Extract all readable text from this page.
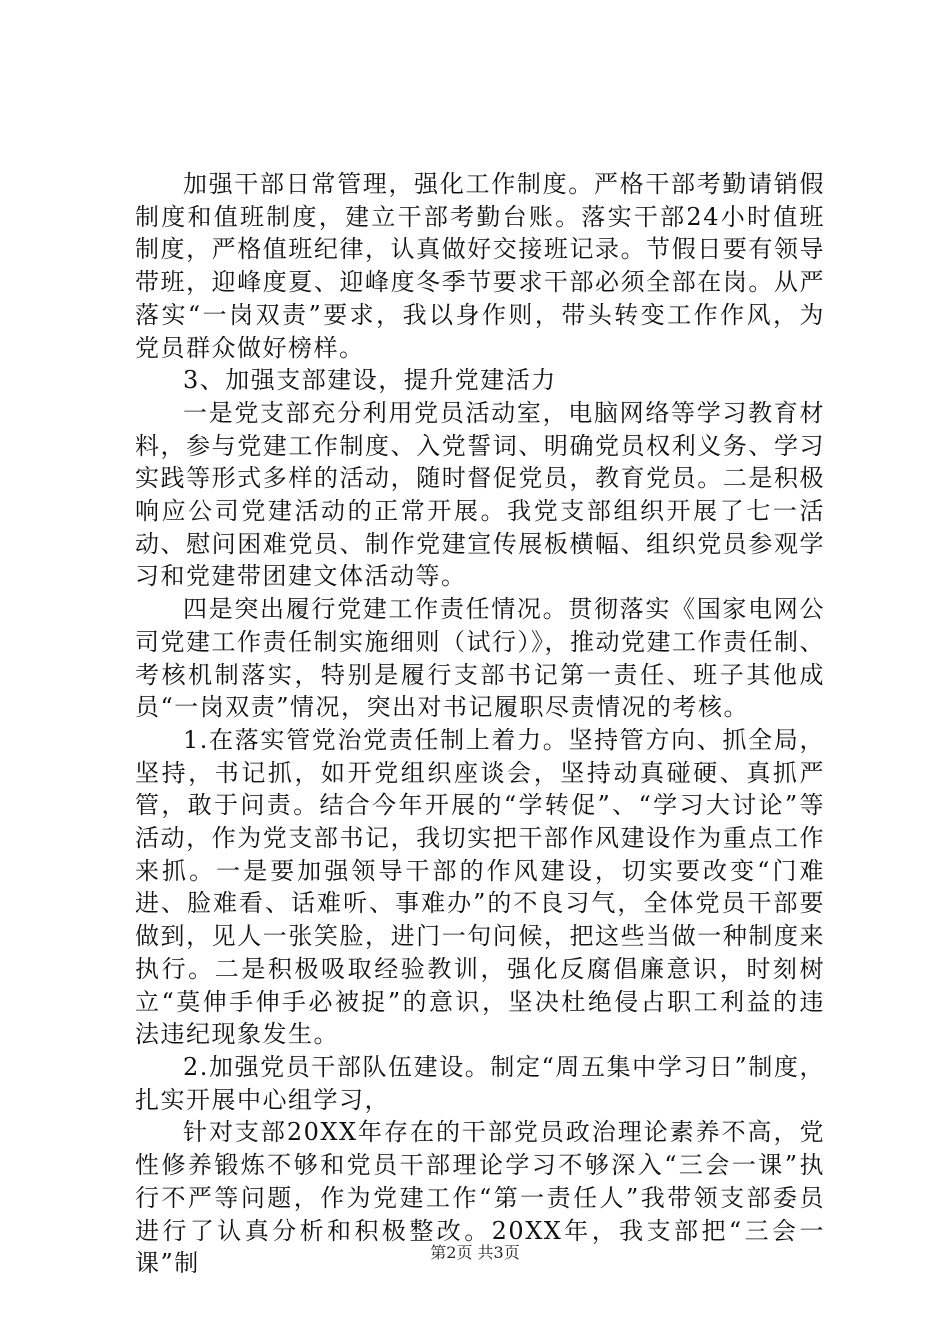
加强干部日常管理，强化工作制度。严格干部考勤请销假制度和值班制度，建立干部考勤台账。落实干部24小时值班制度，严格值班纪律，认真做好交接班记录。节假日要有领导带班，迎峰度夏、迎峰度冬季节要求干部必须全部在岗。从严落实“一岗双责”要求，我以身作则，带头转变工作作风，为党员群众做好榜样。

3、加强支部建设，提升党建活力

一是党支部充分利用党员活动室，电脑网络等学习教育材料，参与党建工作制度、入党誓词、明确党员权利义务、学习实践等形式多样的活动，随时督促党员，教育党员。二是积极响应公司党建活动的正常开展。我党支部组织开展了七一活动、慰问困难党员、制作党建宣传展板横幅、组织党员参观学习和党建带团建文体活动等。

四是突出履行党建工作责任情况。贯彻落实《国家电网公司党建工作责任制实施细则（试行）》，推动党建工作责任制、考核机制落实，特别是履行支部书记第一责任、班子其他成员“一岗双责”情况，突出对书记履职尽责情况的考核。

1.在落实管党治党责任制上着力。坚持管方向、抓全局，坚持，书记抓，如开党组织座谈会，坚持动真碰硬、真抓严管，敢于问责。结合今年开展的“学转促”、“学习大讨论”等活动，作为党支部书记，我切实把干部作风建设作为重点工作来抓。一是要加强领导干部的作风建设，切实要改变“门难进、脸难看、话难听、事难办”的不良习气，全体党员干部要做到，见人一张笑脸，进门一句问候，把这些当做一种制度来执行。二是积极吸取经验教训，强化反腐倡廉意识，时刻树立“莫伸手伸手必被捉”的意识，坚决杜绝侵占职工利益的违法违纪现象发生。

2.加强党员干部队伍建设。制定“周五集中学习日”制度，扎实开展中心组学习，

针对支部20XX年存在的干部党员政治理论素养不高，党性修养锻炼不够和党员干部理论学习不够深入“三会一课”执行不严等问题，作为党建工作“第一责任人”我带领支部委员进行了认真分析和积极整改。20XX年，我支部把“三会一课”制	第2页 共3页
